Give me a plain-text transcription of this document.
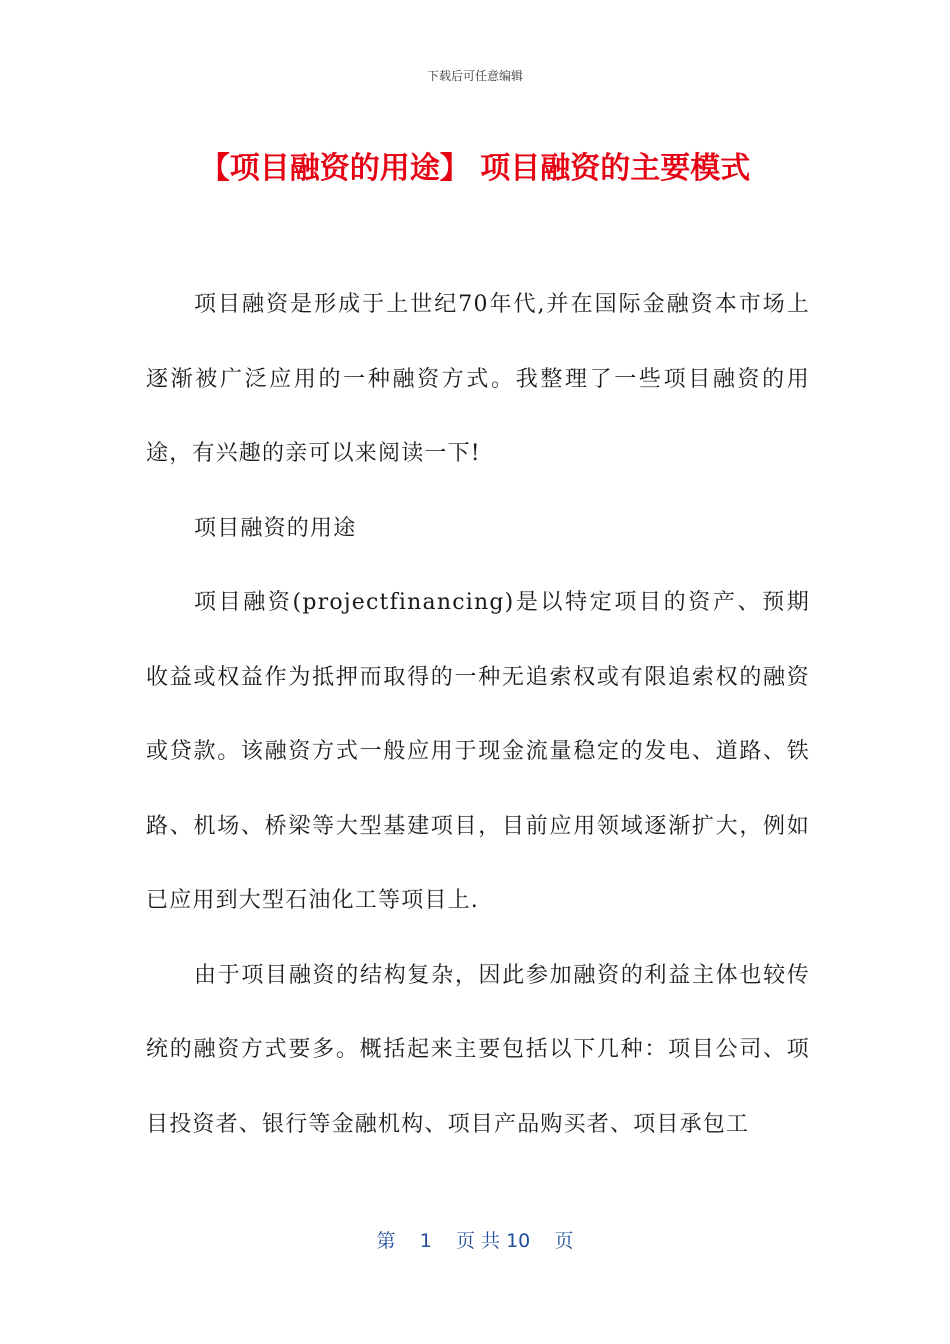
下载后可任意编辑
【项目融资的用途】 项目融资的主要模式

项目融资是形成于上世纪70年代,并在国际金融资本市场上逐渐被广泛应用的一种融资方式。我整理了一些项目融资的用途，有兴趣的亲可以来阅读一下!

项目融资的用途

项目融资(projectfinancing)是以特定项目的资产、预期收益或权益作为抵押而取得的一种无追索权或有限追索权的融资或贷款。该融资方式一般应用于现金流量稳定的发电、道路、铁路、机场、桥梁等大型基建项目，目前应用领域逐渐扩大，例如已应用到大型石油化工等项目上.

由于项目融资的结构复杂，因此参加融资的利益主体也较传统的融资方式要多。概括起来主要包括以下几种：项目公司、项目投资者、银行等金融机构、项目产品购买者、项目承包工

第 1 页 共 10 页
